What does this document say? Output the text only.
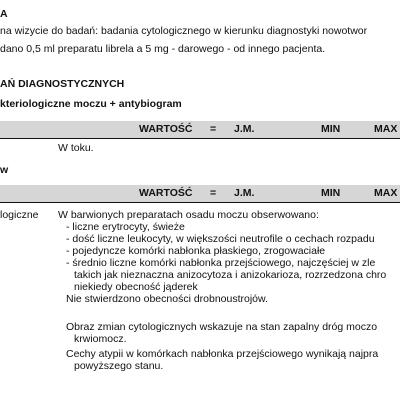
A
na wizycie do badań: badania cytologicznego w kierunku diagnostyki nowotwor
dano 0,5 ml preparatu librela a 5 mg - darowego - od innego pacjenta.
AŃ DIAGNOSTYCZNYCH
kteriologiczne moczu + antybiogram
WARTOŚĆ = J.M.	MIN	MAX
W toku.
w
WARTOŚĆ = J.M.	MIN	MAX
logiczne W barwionych preparatach osadu moczu obserwowano:
- liczne erytrocyty, świeże
- dość liczne leukocyty, w większości neutrofile o cechach rozpadu
- pojedyncze komórki nabłonka płaskiego, zrogowaciałe
- średnio liczne komórki nabłonka przejściowego, najczęściej w zle
takich jak nieznaczna anizocytoza i anizokarioza, rozrzedzona chro
niekiedy obecność jąderek
Nie stwierdzono obecności drobnoustrojów.
Obraz zmian cytologicznych wskazuje na stan zapalny dróg moczo
krwiomocz.
Cechy atypii w komórkach nabłonka przejściowego wynikają najpra
powyższego stanu.
